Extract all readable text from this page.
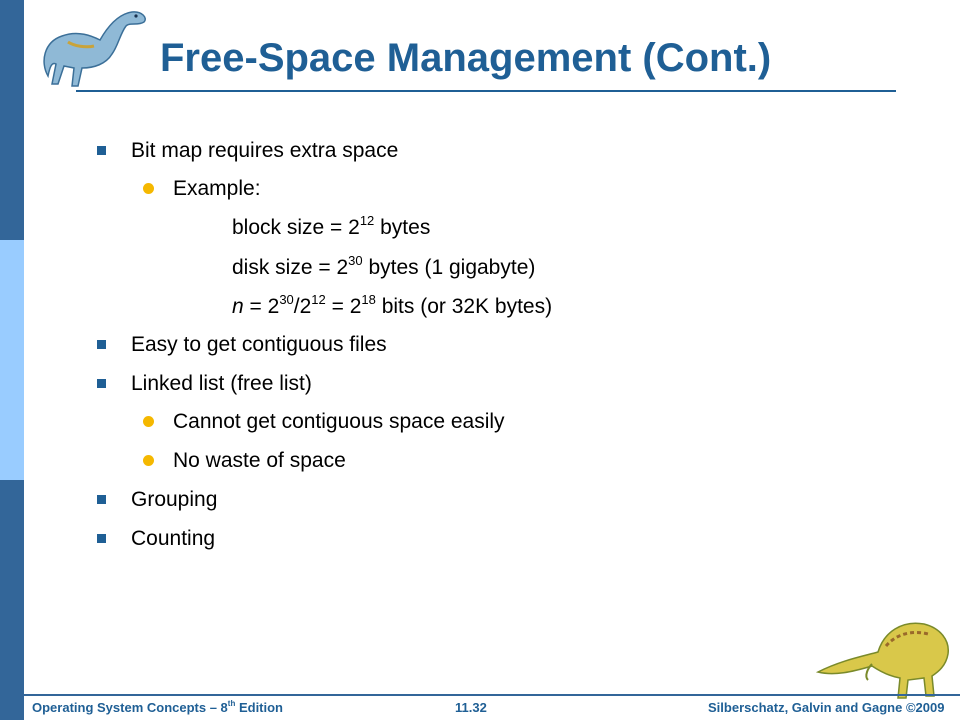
Free-Space Management (Cont.)
Bit map requires extra space
Example:
block size = $2^{12}$ bytes
disk size = $2^{30}$ bytes (1 gigabyte)
$n = 2^{30}/2^{12} = 2^{18}$ bits (or 32K bytes)
Easy to get contiguous files
Linked list (free list)
Cannot get contiguous space easily
No waste of space
Grouping
Counting
Operating System Concepts – 8th Edition	11.32	Silberschatz, Galvin and Gagne ©2009
